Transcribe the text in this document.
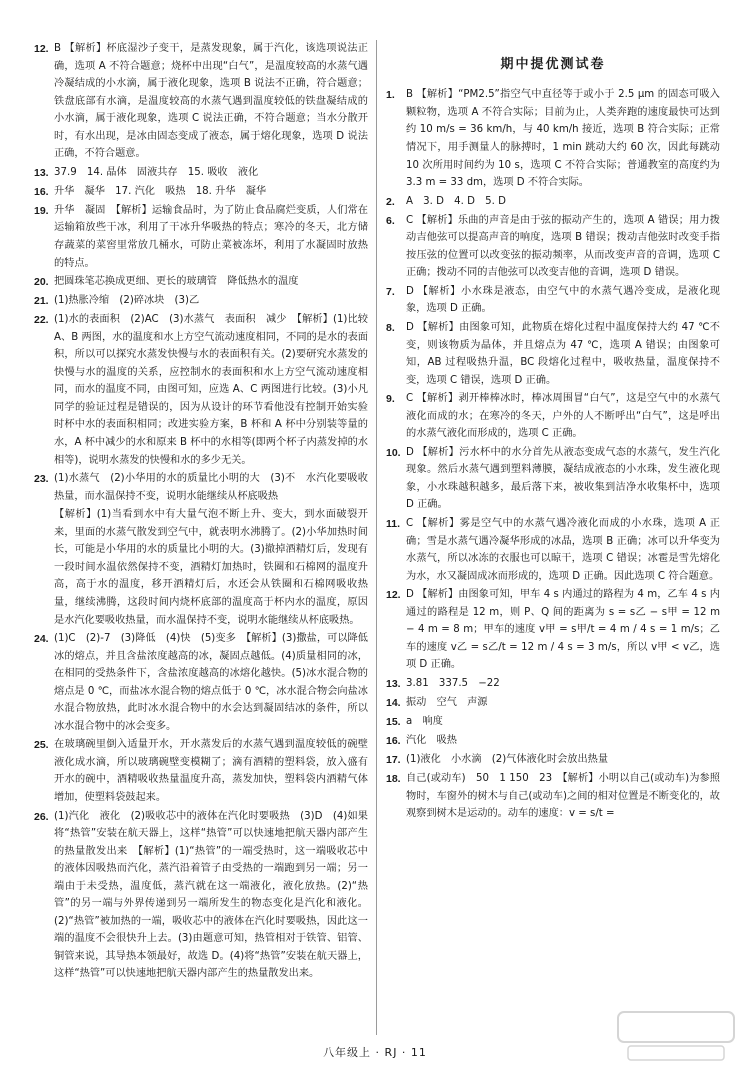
12. B 【解析】杯底湿沙子变干，是蒸发现象，属于汽化，该选项说法正确，选项 A 不符合题意；烧杯中出现“白气”，是温度较高的水蒸气遇冷凝结成的小水滴，属于液化现象，选项 B 说法不正确，符合题意；铁盘底部有水滴，是温度较高的水蒸气遇到温度较低的铁盘凝结成的小水滴，属于液化现象，选项 C 说法正确，不符合题意；当水分散开时，有水出现，是冰由固态变成了液态，属于熔化现象，选项 D 说法正确，不符合题意。
13. 37.9　14. 晶体　固液共存　15. 吸收　液化
16. 升华　凝华　17. 汽化　吸热　18. 升华　凝华
19. 升华　凝固　【解析】运输食品时，为了防止食品腐烂变质，人们常在运输箱放些干冰，利用了干冰升华吸热的特点；寒冷的冬天，北方储存蔬菜的菜窖里常放几桶水，可防止菜被冻坏，利用了水凝固时放热的特点。
20. 把圆珠笔芯换成更细、更长的玻璃管　降低热水的温度
21. (1)热胀冷缩　(2)碎冰块　(3)乙
22. (1)水的表面积　(2)AC　(3)水蒸气　表面积　减少　【解析】(1)比较 A、B 两图，水的温度和水上方空气流动速度相同，不同的是水的表面积，所以可以探究水蒸发快慢与水的表面积有关。(2)要研究水蒸发的快慢与水的温度的关系，应控制水的表面积和水上方空气流动速度相同，而水的温度不同，由图可知，应选 A、C 两图进行比较。(3)小凡同学的验证过程是错误的，因为从设计的环节看他没有控制开始实验时杯中水的表面积相同；改进实验方案，B 杯和 A 杯中分别装等量的水，A 杯中减少的水和原来 B 杯中的水相等(即两个杯子内蒸发掉的水相等)，说明水蒸发的快慢和水的多少无关。
23. (1)水蒸气　(2)小华用的水的质量比小明的大　(3)不　水汽化要吸收热量，而水温保持不变，说明水能继续从杯底吸热
【解析】(1)当看到水中有大量气泡不断上升、变大，到水面破裂开来，里面的水蒸气散发到空气中，就表明水沸腾了。(2)小华加热时间长，可能是小华用的水的质量比小明的大。(3)撤掉酒精灯后，发现有一段时间水温依然保持不变，酒精灯加热时，铁圈和石棉网的温度升高，高于水的温度，移开酒精灯后，水还会从铁圈和石棉网吸收热量，继续沸腾，这段时间内烧杯底部的温度高于杯内水的温度，原因是水汽化要吸收热量，而水温保持不变，说明水能继续从杯底吸热。
24. (1)C　(2)-7　(3)降低　(4)快　(5)变多　【解析】(3)撒盐，可以降低冰的熔点，并且含盐浓度越高的冰，凝固点越低。(4)质量相同的冰，在相同的受热条件下，含盐浓度越高的冰熔化越快。(5)冰水混合物的熔点是 0 ℃，而盐冰水混合物的熔点低于 0 ℃，冰水混合物会向盐冰水混合物放热，此时冰水混合物中的水会达到凝固结冰的条件，所以冰水混合物中的冰会变多。
25. 在玻璃碗里倒入适量开水，开水蒸发后的水蒸气遇到温度较低的碗壁液化成水滴，所以玻璃碗壁变模糊了；滴有酒精的塑料袋，放入盛有开水的碗中，酒精吸收热量温度升高，蒸发加快，塑料袋内酒精气体增加，使塑料袋鼓起来。
26. (1)汽化　液化　(2)吸收芯中的液体在汽化时要吸热　(3)D　(4)如果将“热管”安装在航天器上，这样“热管”可以快速地把航天器内部产生的热量散发出来　【解析】(1)“热管”的一端受热时，这一端吸收芯中的液体因吸热而汽化，蒸汽沿着管子由受热的一端跑到另一端；另一端由于未受热，温度低，蒸汽就在这一端液化，液化放热。(2)“热管”的另一端与外界传递到另一端所发生的物态变化是汽化和液化。(2)“热管”被加热的一端，吸收芯中的液体在汽化时要吸热，因此这一端的温度不会很快升上去。(3)由题意可知，热管相对于铁管、铝管、铜管来说，其导热本领最好，故选 D。(4)将“热管”安装在航天器上，这样“热管”可以快速地把航天器内部产生的热量散发出来。
期中提优测试卷
1.	B 【解析】“PM2.5”指空气中直径等于或小于 2.5 μm 的固态可吸入颗粒物，选项 A 不符合实际；目前为止，人类奔跑的速度最快可达到约 10 m/s = 36 km/h，与 40 km/h 接近，选项 B 符合实际；正常情况下，用手测量人的脉搏时，1 min 跳动大约 60 次，因此每跳动 10 次所用时间约为 10 s，选项 C 不符合实际；普通教室的高度约为 3.3 m = 33 dm，选项 D 不符合实际。
2.	A　3. D　4. D　5. D
6.	C 【解析】乐曲的声音是由于弦的振动产生的，选项 A 错误；用力拨动吉他弦可以提高声音的响度，选项 B 错误；拨动吉他弦时改变手指按压弦的位置可以改变弦的振动频率，从而改变声音的音调，选项 C 正确；拨动不同的吉他弦可以改变吉他的音调，选项 D 错误。
7.	D 【解析】小水珠是液态，由空气中的水蒸气遇冷变成，是液化现象，选项 D 正确。
8.	D 【解析】由图象可知，此物质在熔化过程中温度保持大约 47 ℃不变，则该物质为晶体，并且熔点为 47 ℃，选项 A 错误；由图象可知，AB 过程吸热升温，BC 段熔化过程中，吸收热量，温度保持不变，选项 C 错误，选项 D 正确。
9.	C 【解析】剥开棒棒冰时，棒冰周围冒“白气”，这是空气中的水蒸气液化而成的水；在寒冷的冬天，户外的人不断呼出“白气”，这是呼出的水蒸气液化而形成的，选项 C 正确。
10. D 【解析】污水杯中的水分首先从液态变成气态的水蒸气，发生汽化现象。然后水蒸气遇到塑料薄膜，凝结成液态的小水珠，发生液化现象，小水珠越积越多，最后落下来，被收集到洁净水收集杯中，选项 D 正确。
11. C 【解析】雾是空气中的水蒸气遇冷液化而成的小水珠，选项 A 正确；雪是水蒸气遇冷凝华形成的冰晶，选项 B 正确；冰可以升华变为水蒸气，所以冰冻的衣服也可以晾干，选项 C 错误；冰雹是雪先熔化为水，水又凝固成冰而形成的，选项 D 正确。因此选项 C 符合题意。
12. D 【解析】由图象可知，甲车 4 s 内通过的路程为 4 m，乙车 4 s 内通过的路程是 12 m，则 P、Q 间的距离为 s = s乙 − s甲 = 12 m − 4 m = 8 m；甲车的速度 v甲 = s甲/t = 4 m / 4 s = 1 m/s；乙车的速度 v乙 = s乙/t = 12 m / 4 s = 3 m/s，所以 v甲 < v乙，选项 D 正确。
13. 3.81　337.5　−22
14. 振动　空气　声源
15. a　响度
16. 汽化　吸热
17. (1)液化　小水滴　(2)气体液化时会放出热量
18. 自己(或动车)　50　1 150　23　【解析】小明以自己(或动车)为参照物时，车窗外的树木与自己(或动车)之间的相对位置是不断变化的，故观察到树木是运动的。动车的速度：v = s/t =
八年级上 · RJ · 11
